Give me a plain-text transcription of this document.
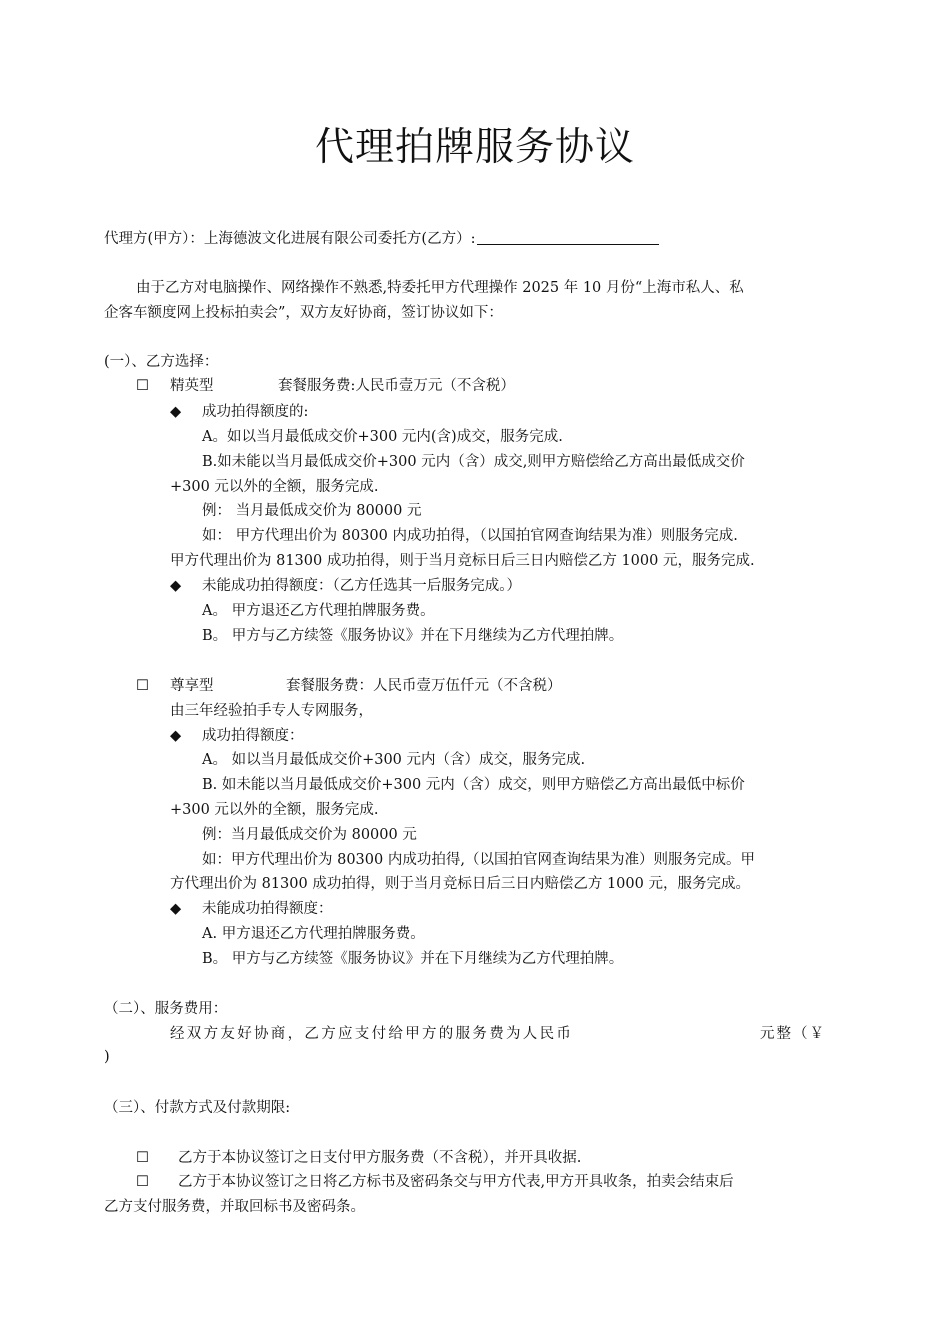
代理拍牌服务协议
代理方(甲方）：上海德波文化进展有限公司委托方(乙方）:
由于乙方对电脑操作、网络操作不熟悉,特委托甲方代理操作 2025 年 10 月份“上海市私人、私
企客车额度网上投标拍卖会”，双方友好协商，签订协议如下：
(一）、乙方选择：
☐ 精英型	套餐服务费:人民币壹万元（不含税）
◆ 成功拍得额度的:
A。如以当月最低成交价+300 元内(含)成交，服务完成.
B.如未能以当月最低成交价+300 元内（含）成交,则甲方赔偿给乙方高出最低成交价
+300 元以外的全额，服务完成.
例： 当月最低成交价为 80000 元
如： 甲方代理出价为 80300 内成功拍得，（以国拍官网查询结果为准）则服务完成.
甲方代理出价为 81300 成功拍得，则于当月竞标日后三日内赔偿乙方 1000 元，服务完成.
◆ 未能成功拍得额度：（乙方任选其一后服务完成。）
A。 甲方退还乙方代理拍牌服务费。
B。 甲方与乙方续签《服务协议》并在下月继续为乙方代理拍牌。
☐ 尊享型	套餐服务费：人民币壹万伍仟元（不含税）
由三年经验拍手专人专网服务，
◆ 成功拍得额度：
A。 如以当月最低成交价+300 元内（含）成交，服务完成.
B. 如未能以当月最低成交价+300 元内（含）成交，则甲方赔偿乙方高出最低中标价
+300 元以外的全额，服务完成.
例：当月最低成交价为 80000 元
如：甲方代理出价为 80300 内成功拍得,（以国拍官网查询结果为准）则服务完成。甲
方代理出价为 81300 成功拍得，则于当月竞标日后三日内赔偿乙方 1000 元，服务完成。
◆ 未能成功拍得额度：
A. 甲方退还乙方代理拍牌服务费。
B。 甲方与乙方续签《服务协议》并在下月继续为乙方代理拍牌。
（二）、服务费用：
经双方友好协商，乙方应支付给甲方的服务费为人民币	元整（￥
)
（三）、付款方式及付款期限:
☐ 乙方于本协议签订之日支付甲方服务费（不含税），并开具收据.
☐ 乙方于本协议签订之日将乙方标书及密码条交与甲方代表,甲方开具收条，拍卖会结束后
乙方支付服务费，并取回标书及密码条。
